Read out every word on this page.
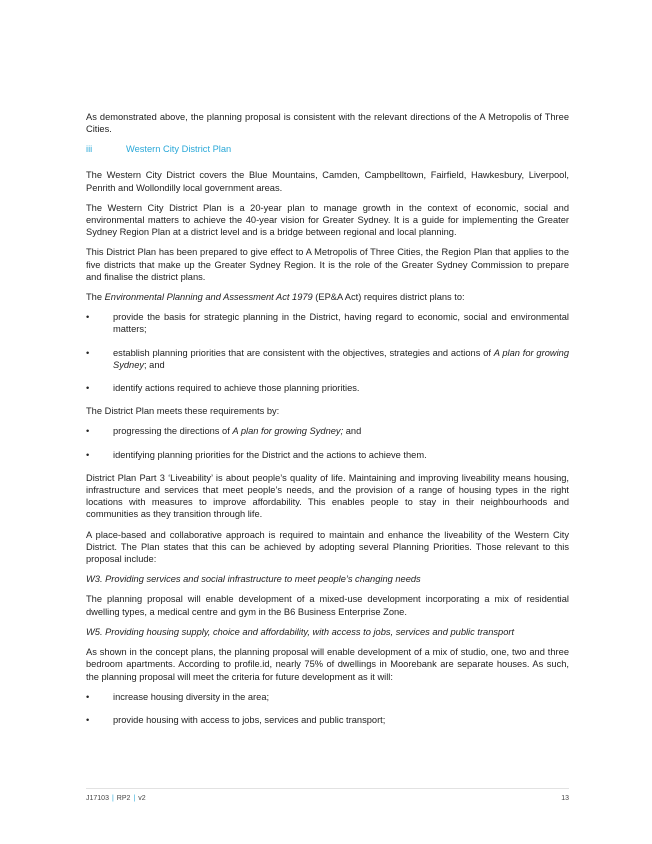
As demonstrated above, the planning proposal is consistent with the relevant directions of the A Metropolis of Three Cities.

iii	Western City District Plan

The Western City District covers the Blue Mountains, Camden, Campbelltown, Fairfield, Hawkesbury, Liverpool, Penrith and Wollondilly local government areas.

The Western City District Plan is a 20-year plan to manage growth in the context of economic, social and environmental matters to achieve the 40-year vision for Greater Sydney. It is a guide for implementing the Greater Sydney Region Plan at a district level and is a bridge between regional and local planning.

This District Plan has been prepared to give effect to A Metropolis of Three Cities, the Region Plan that applies to the five districts that make up the Greater Sydney Region. It is the role of the Greater Sydney Commission to prepare and finalise the district plans.

The Environmental Planning and Assessment Act 1979 (EP&A Act) requires district plans to:

•	provide the basis for strategic planning in the District, having regard to economic, social and environmental matters;
•	establish planning priorities that are consistent with the objectives, strategies and actions of A plan for growing Sydney; and
•	identify actions required to achieve those planning priorities.

The District Plan meets these requirements by:

•	progressing the directions of A plan for growing Sydney; and
•	identifying planning priorities for the District and the actions to achieve them.

District Plan Part 3 ‘Liveability’ is about people’s quality of life. Maintaining and improving liveability means housing, infrastructure and services that meet people’s needs, and the provision of a range of housing types in the right locations with measures to improve affordability. This enables people to stay in their neighbourhoods and communities as they transition through life.

A place-based and collaborative approach is required to maintain and enhance the liveability of the Western City District. The Plan states that this can be achieved by adopting several Planning Priorities. Those relevant to this proposal include:

W3. Providing services and social infrastructure to meet people’s changing needs

The planning proposal will enable development of a mixed-use development incorporating a mix of residential dwelling types, a medical centre and gym in the B6 Business Enterprise Zone.

W5. Providing housing supply, choice and affordability, with access to jobs, services and public transport

As shown in the concept plans, the planning proposal will enable development of a mix of studio, one, two and three bedroom apartments. According to profile.id, nearly 75% of dwellings in Moorebank are separate houses. As such, the planning proposal will meet the criteria for future development as it will:

•	increase housing diversity in the area;
•	provide housing with access to jobs, services and public transport;
J17103 | RP2 | v2	13
